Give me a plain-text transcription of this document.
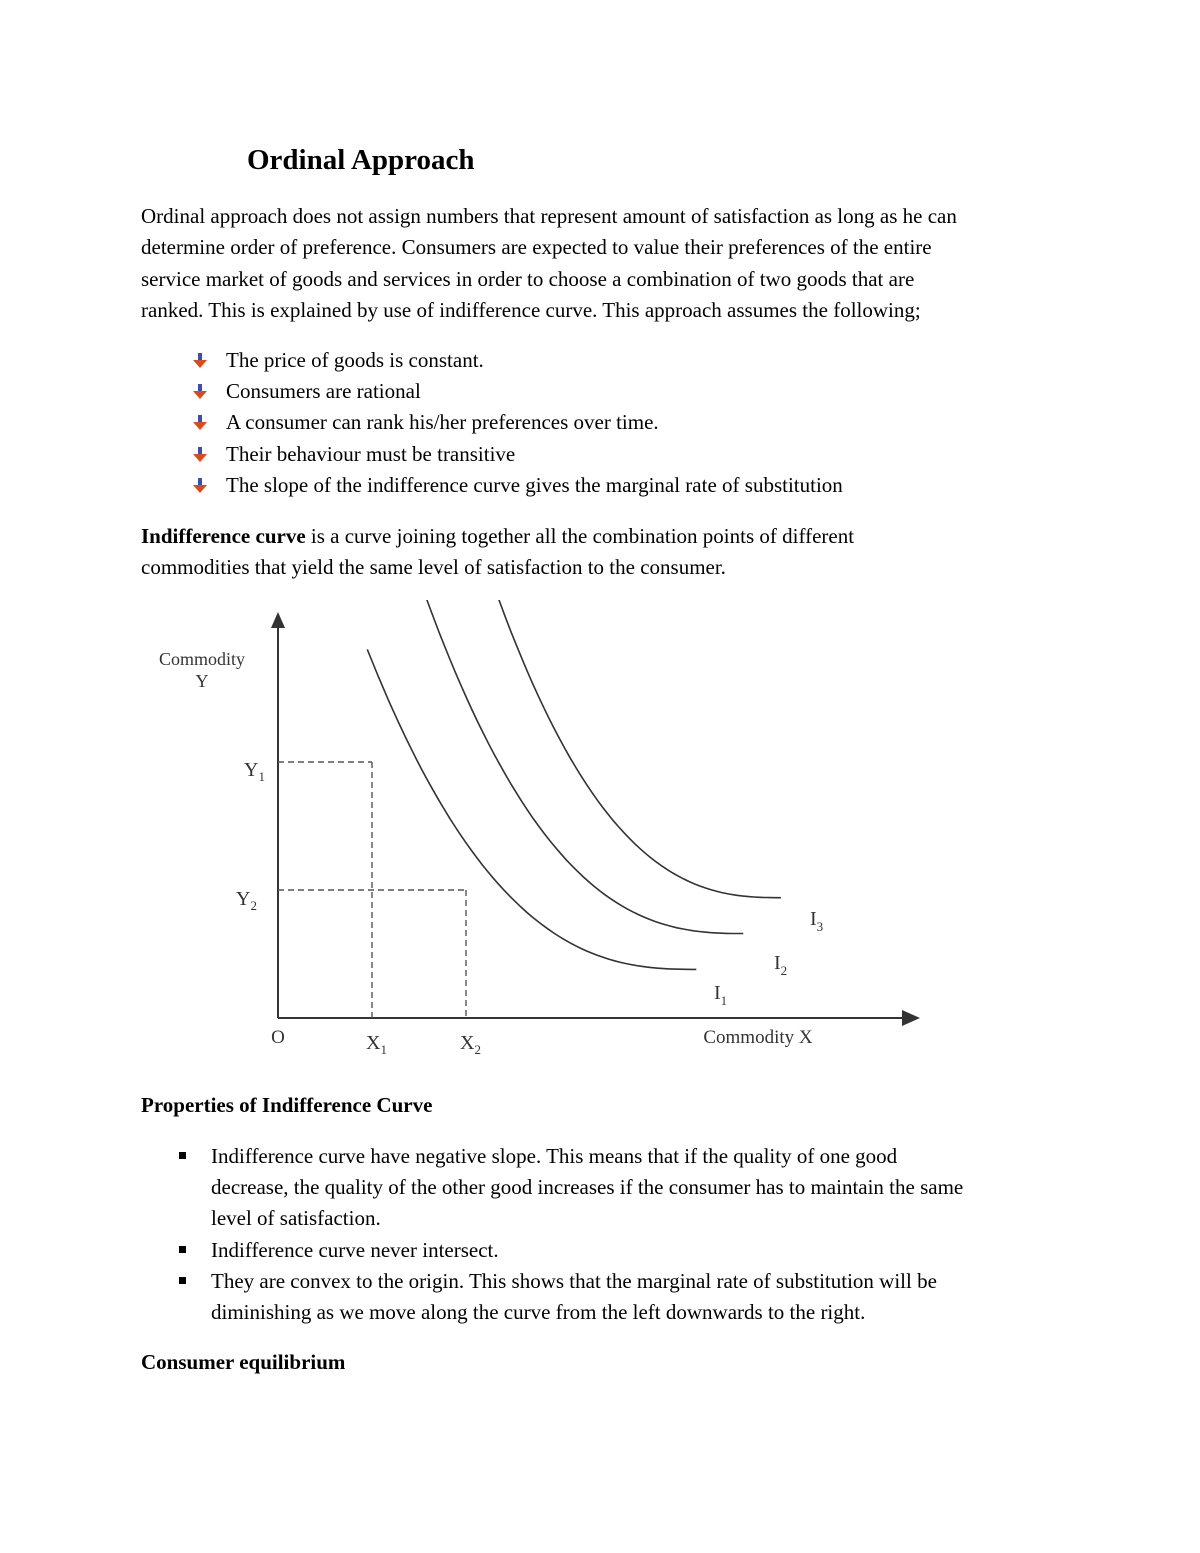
Ordinal Approach

Ordinal approach does not assign numbers that represent amount of satisfaction as long as he can

determine order of preference. Consumers are expected to value their preferences of the entire

service market of goods and services in order to choose a combination of two goods that are

ranked. This is explained by use of indifference curve. This approach assumes the following;

The price of goods is constant.
Consumers are rational
A consumer can rank his/her preferences over time.
Their behaviour must be transitive
The slope of the indifference curve gives the marginal rate of substitution

Indifference curve is a curve joining together all the combination points of different

commodities that yield the same level of satisfaction to the consumer.

Commodity
Y
Commodity X
O	$X_1$	$X_2$
$Y_1$
$Y_2$
$I_1$
$I_2$
$I_3$
Properties of Indifference Curve
Indifference curve have negative slope. This means that if the quality of one good
decrease, the quality of the other good increases if the consumer has to maintain the same
level of satisfaction.
Indifference curve never intersect.
They are convex to the origin. This shows that the marginal rate of substitution will be
diminishing as we move along the curve from the left downwards to the right.
Consumer equilibrium
